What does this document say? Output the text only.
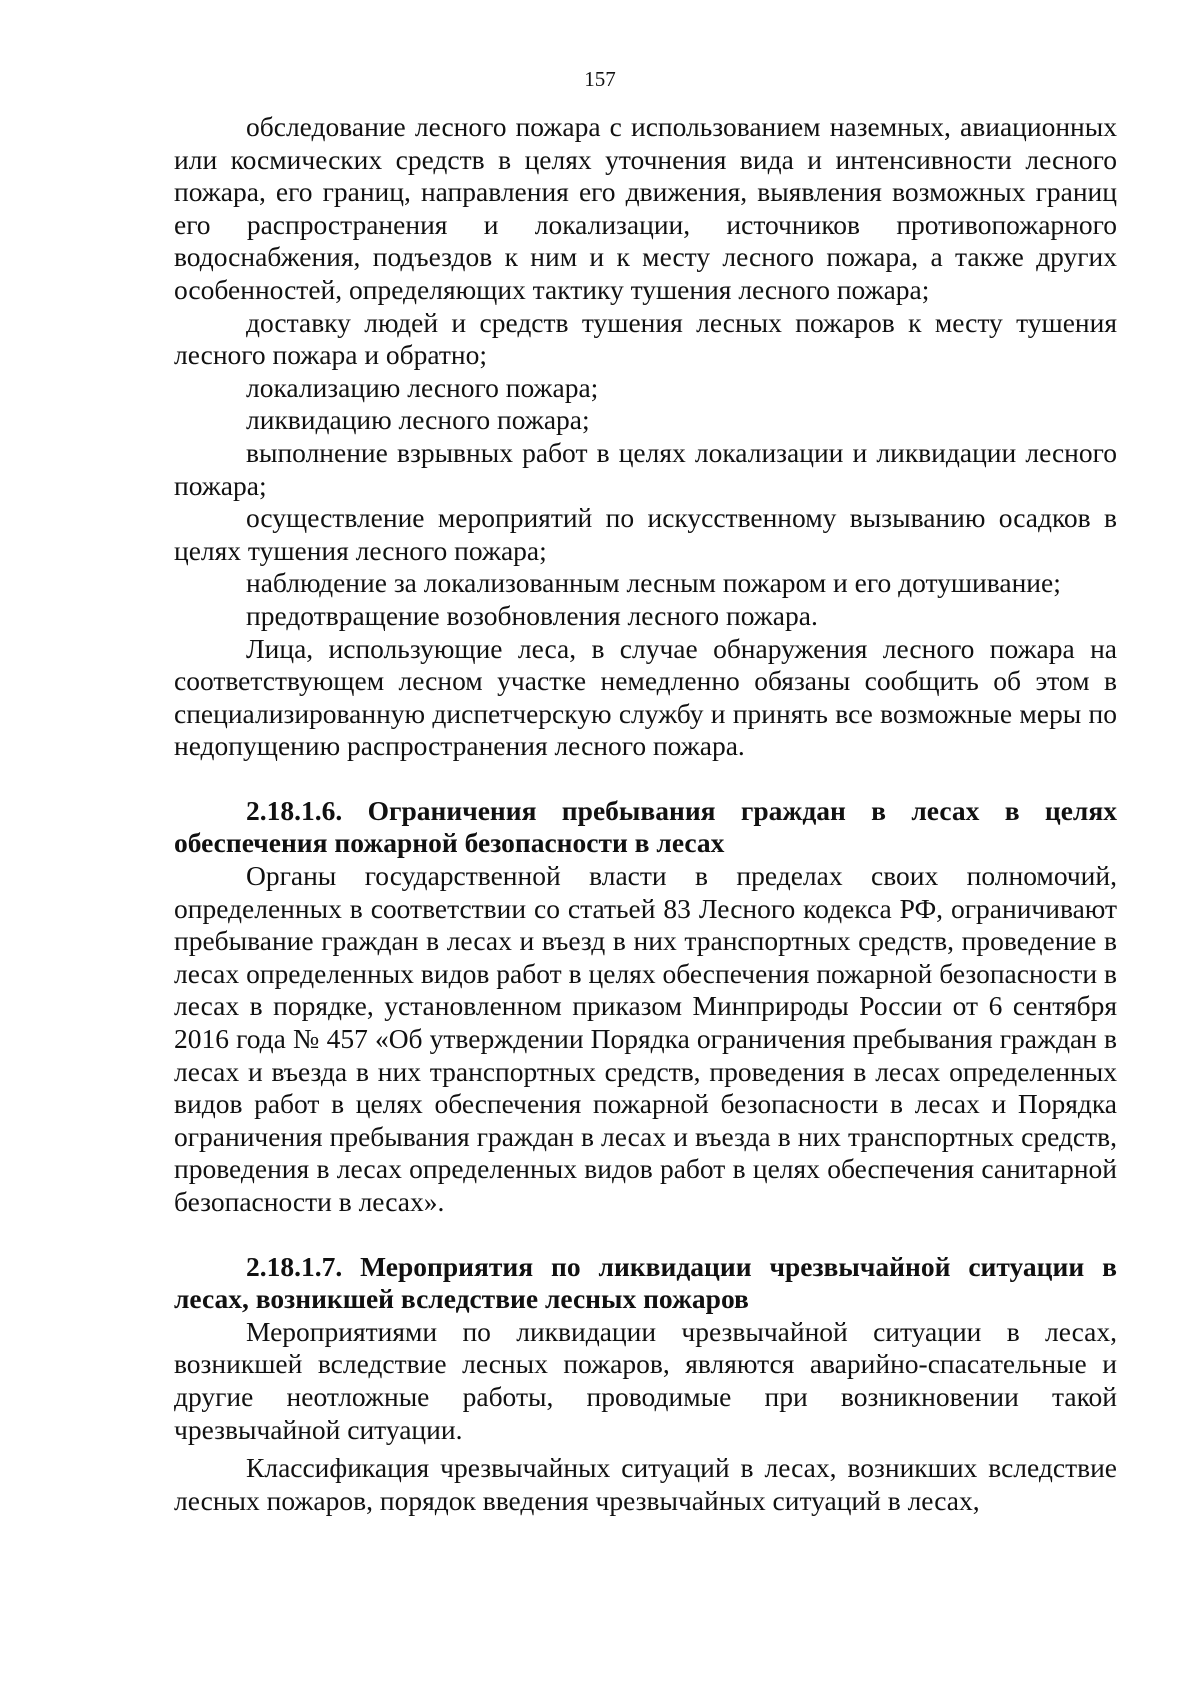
157

обследование лесного пожара с использованием наземных, авиационных или космических средств в целях уточнения вида и интенсивности лесного пожара, его границ, направления его движения, выявления возможных границ его распространения и локализации, источников противопожарного водоснабжения, подъездов к ним и к месту лесного пожара, а также других особенностей, определяющих тактику тушения лесного пожара;

доставку людей и средств тушения лесных пожаров к месту тушения лесного пожара и обратно;

локализацию лесного пожара;

ликвидацию лесного пожара;

выполнение взрывных работ в целях локализации и ликвидации лесного пожара;

осуществление мероприятий по искусственному вызыванию осадков в целях тушения лесного пожара;

наблюдение за локализованным лесным пожаром и его дотушивание;

предотвращение возобновления лесного пожара.

Лица, использующие леса, в случае обнаружения лесного пожара на соответствующем лесном участке немедленно обязаны сообщить об этом в специализированную диспетчерскую службу и принять все возможные меры по недопущению распространения лесного пожара.

2.18.1.6. Ограничения пребывания граждан в лесах в целях обеспечения пожарной безопасности в лесах

Органы государственной власти в пределах своих полномочий, определенных в соответствии со статьей 83 Лесного кодекса РФ, ограничивают пребывание граждан в лесах и въезд в них транспортных средств, проведение в лесах определенных видов работ в целях обеспечения пожарной безопасности в лесах в порядке, установленном приказом Минприроды России от 6 сентября 2016 года № 457 «Об утверждении Порядка ограничения пребывания граждан в лесах и въезда в них транспортных средств, проведения в лесах определенных видов работ в целях обеспечения пожарной безопасности в лесах и Порядка ограничения пребывания граждан в лесах и въезда в них транспортных средств, проведения в лесах определенных видов работ в целях обеспечения санитарной безопасности в лесах».

2.18.1.7. Мероприятия по ликвидации чрезвычайной ситуации в лесах, возникшей вследствие лесных пожаров

Мероприятиями по ликвидации чрезвычайной ситуации в лесах, возникшей вследствие лесных пожаров, являются аварийно-спасательные и другие неотложные работы, проводимые при возникновении такой чрезвычайной ситуации.

Классификация чрезвычайных ситуаций в лесах, возникших вследствие лесных пожаров, порядок введения чрезвычайных ситуаций в лесах,
